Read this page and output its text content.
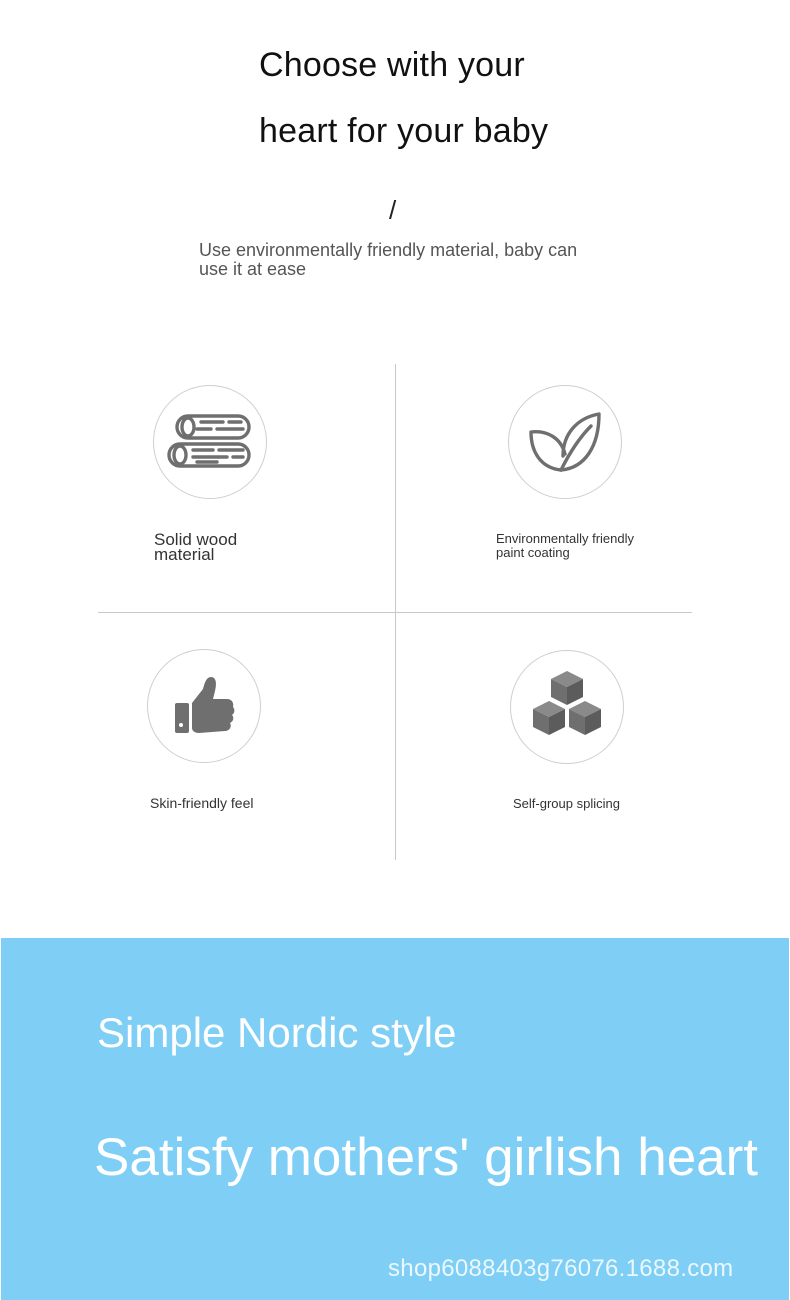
Choose with your
heart for your baby
/
Use environmentally friendly material, baby can use it at ease
Solid wood material
Environmentally friendly paint coating
Skin-friendly feel	Self-group splicing
Simple Nordic style
Satisfy mothers' girlish heart
shop6088403g76076.1688.com
